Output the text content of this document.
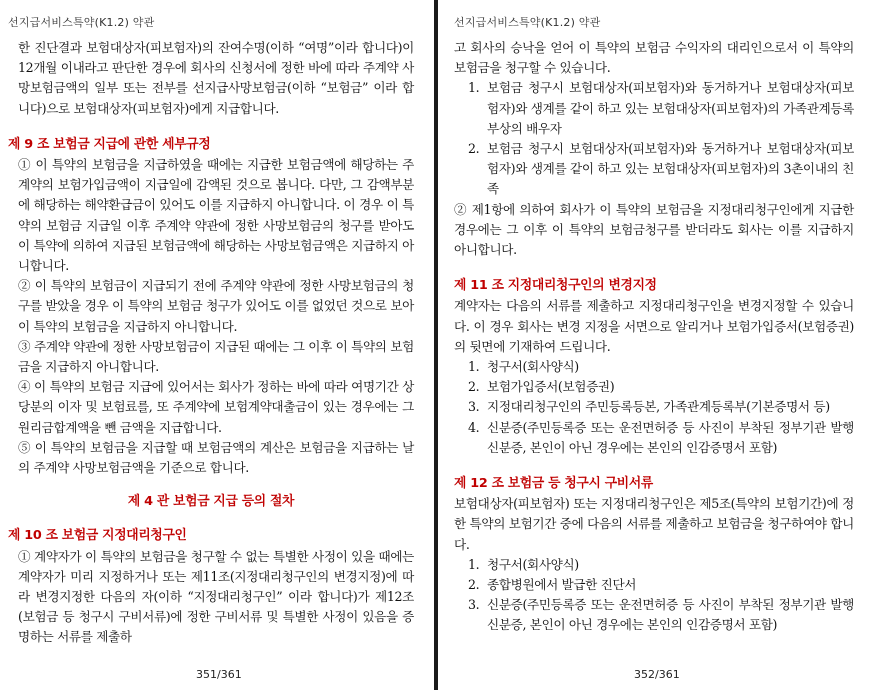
선지급서비스특약(K1.2) 약관

한 진단결과 보험대상자(피보험자)의 잔여수명(이하 “여명”이라 합니다)이 12개월 이내라고 판단한 경우에 회사의 신청서에 정한 바에 따라 주계약 사망보험금액의 일부 또는 전부를 선지급사망보험금(이하 “보험금” 이라 합니다)으로 보험대상자(피보험자)에게 지급합니다.

제 9 조 보험금 지급에 관한 세부규정

① 이 특약의 보험금을 지급하였을 때에는 지급한 보험금액에 해당하는 주계약의 보험가입금액이 지급일에 감액된 것으로 봅니다. 다만, 그 감액부분에 해당하는 해약환급금이 있어도 이를 지급하지 아니합니다. 이 경우 이 특약의 보험금 지급일 이후 주계약 약관에 정한 사망보험금의 청구를 받아도 이 특약에 의하여 지급된 보험금액에 해당하는 사망보험금액은 지급하지 아니합니다.

② 이 특약의 보험금이 지급되기 전에 주계약 약관에 정한 사망보험금의 청구를 받았을 경우 이 특약의 보험금 청구가 있어도 이를 없었던 것으로 보아 이 특약의 보험금을 지급하지 아니합니다.

③ 주계약 약관에 정한 사망보험금이 지급된 때에는 그 이후 이 특약의 보험금을 지급하지 아니합니다.

④ 이 특약의 보험금 지급에 있어서는 회사가 정하는 바에 따라 여명기간 상당분의 이자 및 보험료를, 또 주계약에 보험계약대출금이 있는 경우에는 그 원리금합계액을 뺀 금액을 지급합니다.

⑤ 이 특약의 보험금을 지급할 때 보험금액의 계산은 보험금을 지급하는 날의 주계약 사망보험금액을 기준으로 합니다.

제 4 관 보험금 지급 등의 절차

제 10 조 보험금 지정대리청구인

① 계약자가 이 특약의 보험금을 청구할 수 없는 특별한 사정이 있을 때에는 계약자가 미리 지정하거나 또는 제11조(지정대리청구인의 변경지정)에 따라 변경지정한 다음의 자(이하 “지정대리청구인” 이라 합니다)가 제12조(보험금 등 청구시 구비서류)에 정한 구비서류 및 특별한 사정이 있음을 증명하는 서류를 제출하

351/361
선지급서비스특약(K1.2) 약관

고 회사의 승낙을 얻어 이 특약의 보험금 수익자의 대리인으로서 이 특약의 보험금을 청구할 수 있습니다.

1. 보험금 청구시 보험대상자(피보험자)와 동거하거나 보험대상자(피보험자)와 생계를 같이 하고 있는 보험대상자(피보험자)의 가족관계등록부상의 배우자
2. 보험금 청구시 보험대상자(피보험자)와 동거하거나 보험대상자(피보험자)와 생계를 같이 하고 있는 보험대상자(피보험자)의 3촌이내의 친족

② 제1항에 의하여 회사가 이 특약의 보험금을 지정대리청구인에게 지급한 경우에는 그 이후 이 특약의 보험금청구를 받더라도 회사는 이를 지급하지 아니합니다.

제 11 조 지정대리청구인의 변경지정

계약자는 다음의 서류를 제출하고 지정대리청구인을 변경지정할 수 있습니다. 이 경우 회사는 변경 지정을 서면으로 알리거나 보험가입증서(보험증권)의 뒷면에 기재하여 드립니다.

1. 청구서(회사양식)
2. 보험가입증서(보험증권)
3. 지정대리청구인의 주민등록등본, 가족관계등록부(기본증명서 등)
4. 신분증(주민등록증 또는 운전면허증 등 사진이 부착된 정부기관 발행 신분증, 본인이 아닌 경우에는 본인의 인감증명서 포함)

제 12 조 보험금 등 청구시 구비서류

보험대상자(피보험자) 또는 지정대리청구인은 제5조(특약의 보험기간)에 정한 특약의 보험기간 중에 다음의 서류를 제출하고 보험금을 청구하여야 합니다.

1. 청구서(회사양식)
2. 종합병원에서 발급한 진단서
3. 신분증(주민등록증 또는 운전면허증 등 사진이 부착된 정부기관 발행 신분증, 본인이 아닌 경우에는 본인의 인감증명서 포함)
352/361
